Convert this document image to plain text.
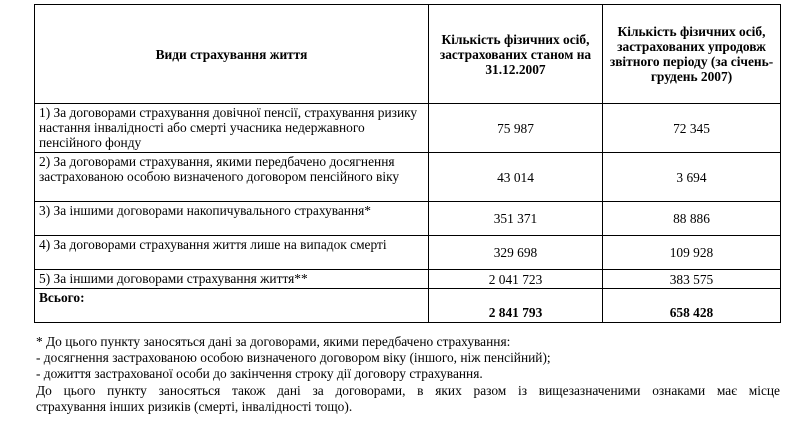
Види страхування життя	Кількість фізичних осіб, застрахованих станом на 31.12.2007	Кількість фізичних осіб, застрахованих упродовж звітного періоду (за січень-грудень 2007)
1) За договорами страхування довічної пенсії, страхування ризику настання інвалідності або смерті учасника недержавного пенсійного фонду	75 987	72 345
2) За договорами страхування, якими передбачено досягнення застрахованою особою визначеного договором пенсійного віку	43 014	3 694
3) За іншими договорами накопичувального страхування*	351 371	88 886
4) За договорами страхування життя лише на випадок смерті	329 698	109 928
5) За іншими договорами страхування життя**	2 041 723	383 575
Всього:	2 841 793	658 428

* До цього пункту заносяться дані за договорами, якими передбачено страхування:

- досягнення застрахованою особою визначеного договором віку (іншого, ніж пенсійний);

- дожиття застрахованої особи до закінчення строку дії договору страхування.

До цього пункту заносяться також дані за договорами, в яких разом із вищезазначеними ознаками має місце

страхування інших ризиків (смерті, інвалідності тощо).
